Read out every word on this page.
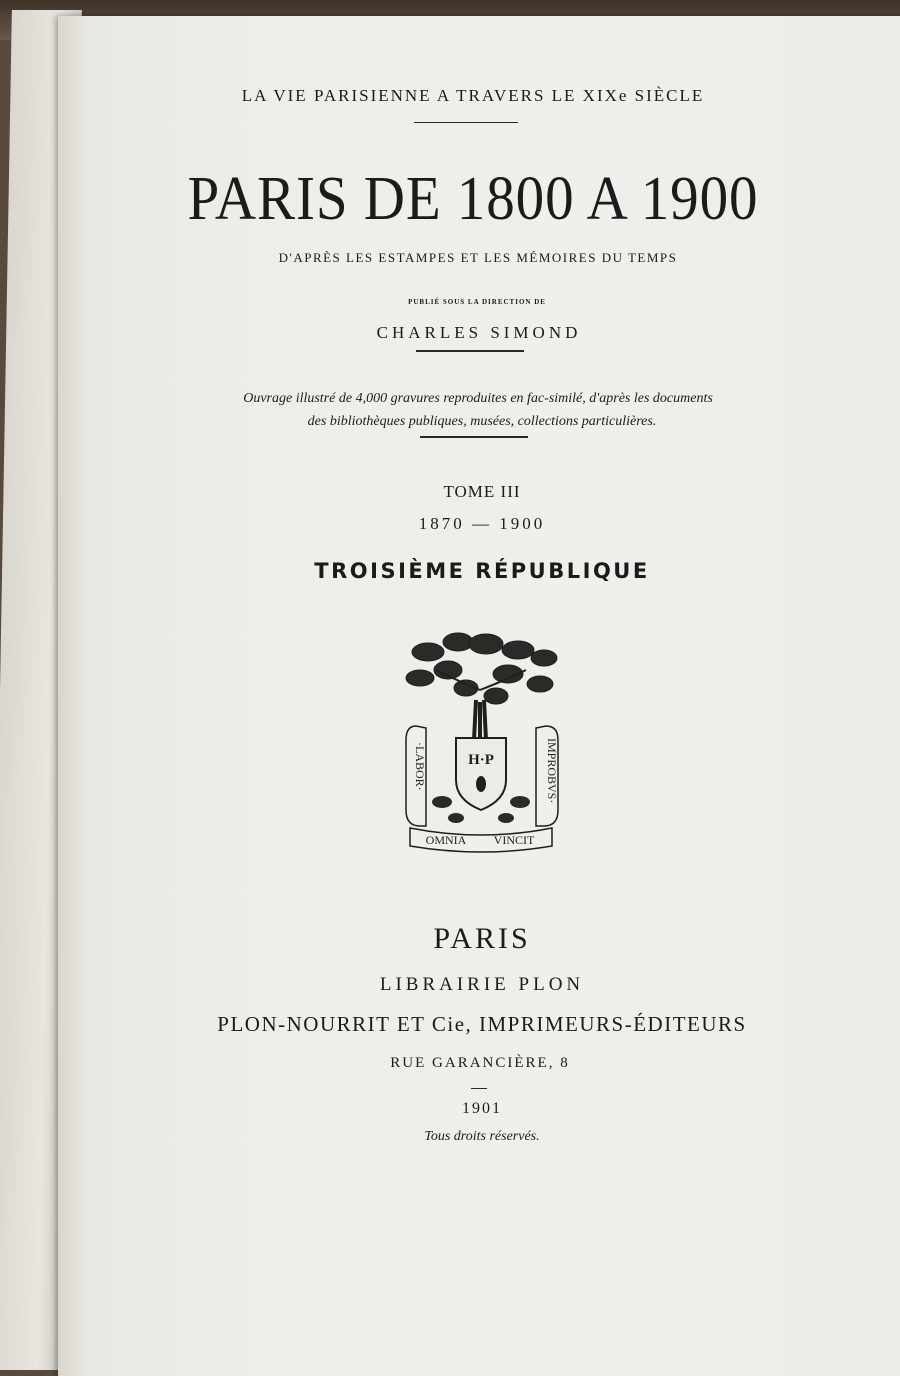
LA VIE PARISIENNE A TRAVERS LE XIXe SIÈCLE
PARIS DE 1800 A 1900
D'APRÈS LES ESTAMPES ET LES MÉMOIRES DU TEMPS
PUBLIÉ SOUS LA DIRECTION DE
CHARLES SIMOND
Ouvrage illustré de 4,000 gravures reproduites en fac-similé, d'après les documents
des bibliothèques publiques, musées, collections particulières.
TOME III
1870 — 1900
TROISIÈME RÉPUBLIQUE
·LABOR·	IMPROBVS·
H·P
OMNIA VINCIT
PARIS
LIBRAIRIE PLON
PLON-NOURRIT ET Cie, IMPRIMEURS-ÉDITEURS
RUE GARANCIÈRE, 8
1901
Tous droits réservés.
